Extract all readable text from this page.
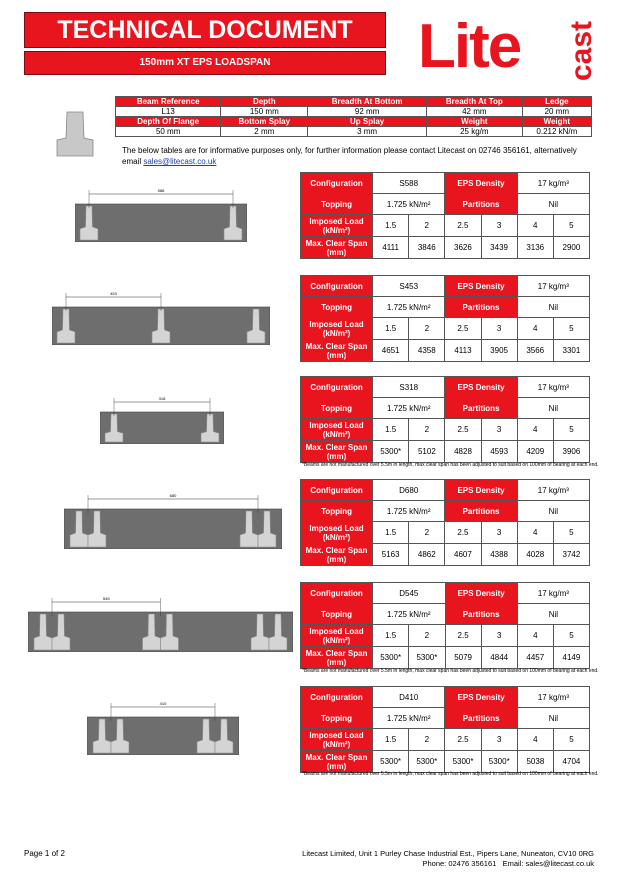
TECHNICAL DOCUMENT
150mm XT EPS LOADSPAN	Lite cast
Beam Reference	Depth	Breadth At Bottom	Breadth At Top	Ledge
L13	150 mm	92 mm	42 mm	20 mm
Depth Of Flange	Bottom Splay	Up Splay	Weight	Weight
50 mm	2 mm	3 mm	25 kg/m	0.212 kN/m
The below tables are for informative purposes only, for further information please contact Litecast on 02746 356161, alternatively email sales@litecast.co.uk
Configuration	S588		EPS Density		17 kg/m³	
Topping	1.725 kN/m²		Partitions		Nil	
Imposed Load (kN/m²)	1.5	2	2.5	3	4	5
Max. Clear Span (mm)	4111	3846	3626	3439	3136	2900
588
Configuration	S453		EPS Density		17 kg/m³	
Topping	1.725 kN/m²		Partitions		Nil	
Imposed Load (kN/m²)	1.5	2	2.5	3	4	5
Max. Clear Span (mm)	4651	4358	4113	3905	3566	3301
453
Configuration	S318		EPS Density		17 kg/m³	
Topping	1.725 kN/m²		Partitions		Nil	
Imposed Load (kN/m²)	1.5	2	2.5	3	4	5
Max. Clear Span (mm)	5300*	5102	4828	4593	4209	3906
*Beams are not manufactured over 5.5m in length, max clear span has been adjusted to suit based on 100mm of bearing at each end.
318
Configuration	D680		EPS Density		17 kg/m³	
Topping	1.725 kN/m²		Partitions		Nil	
Imposed Load (kN/m²)	1.5	2	2.5	3	4	5
Max. Clear Span (mm)	5163	4862	4607	4388	4028	3742
680
Configuration	D545		EPS Density		17 kg/m³	
Topping	1.725 kN/m²		Partitions		Nil	
Imposed Load (kN/m²)	1.5	2	2.5	3	4	5
Max. Clear Span (mm)	5300*	5300*	5079	4844	4457	4149
*Beams are not manufactured over 5.5m in length, max clear span has been adjusted to suit based on 100mm of bearing at each end.
545
Configuration	D410		EPS Density		17 kg/m³	
Topping	1.725 kN/m²		Partitions		Nil	
Imposed Load (kN/m²)	1.5	2	2.5	3	4	5
Max. Clear Span (mm)	5300*	5300*	5300*	5300*	5038	4704
*Beams are not manufactured over 5.5m in length, max clear span has been adjusted to suit based on 100mm of bearing at each end.
410
Page 1 of 2	Litecast Limited, Unit 1 Purley Chase Industrial Est., Pipers Lane, Nuneaton, CV10 0RG
Phone: 02476 356161 Email: sales@litecast.co.uk
